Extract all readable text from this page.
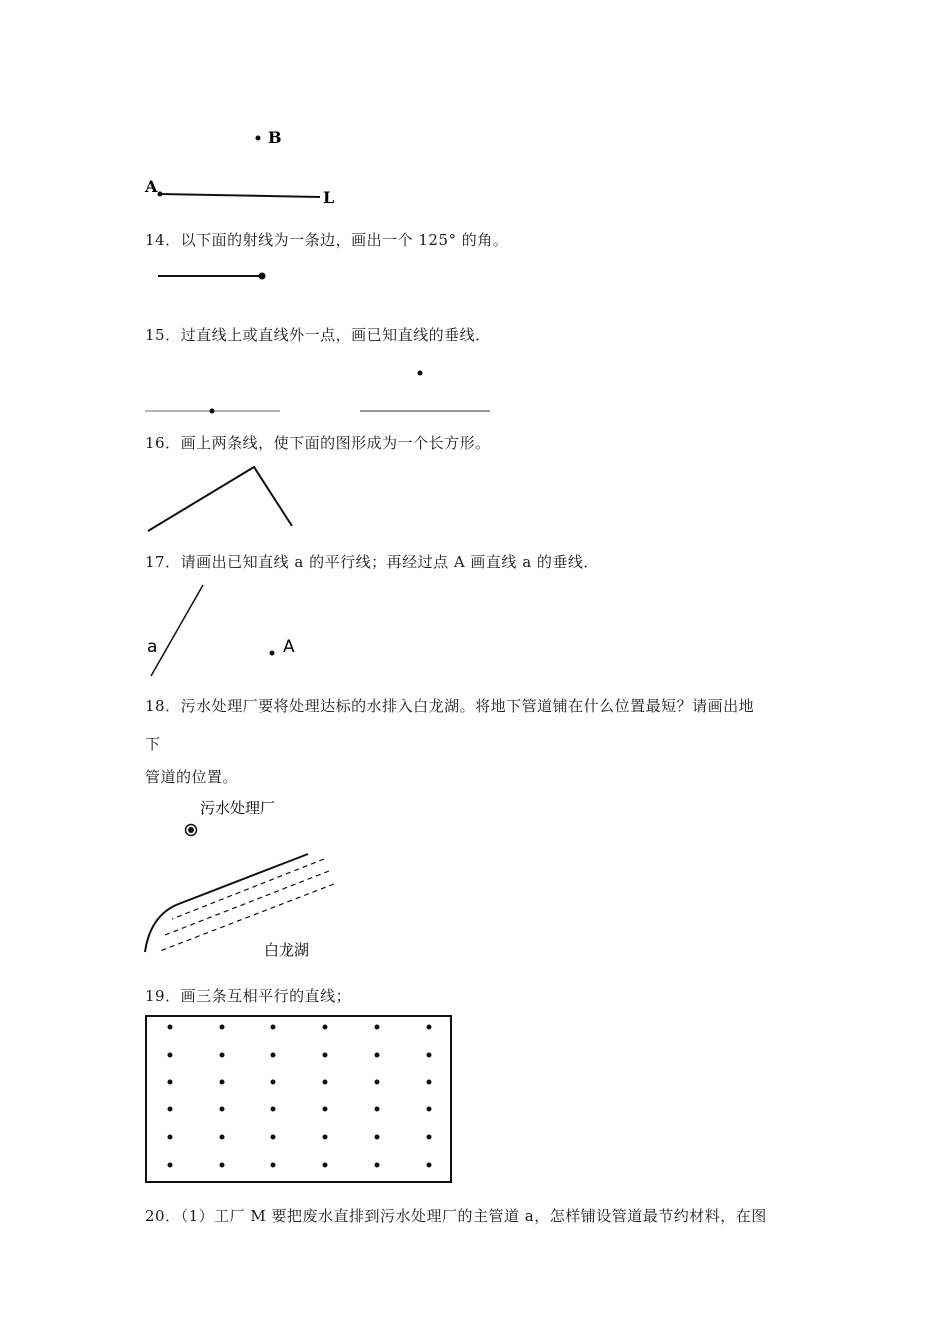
B
A
L
14．以下面的射线为一条边，画出一个 125° 的角。
15．过直线上或直线外一点，画已知直线的垂线．
16．画上两条线，使下面的图形成为一个长方形。
17．请画出已知直线 a 的平行线；再经过点 A 画直线 a 的垂线．
a	A
18．污水处理厂要将处理达标的水排入白龙湖。将地下管道铺在什么位置最短？请画出地
下
管道的位置。
污水处理厂
白龙湖
19．画三条互相平行的直线；
20．（1）工厂 M 要把废水直排到污水处理厂的主管道 a，怎样铺设管道最节约材料，在图
